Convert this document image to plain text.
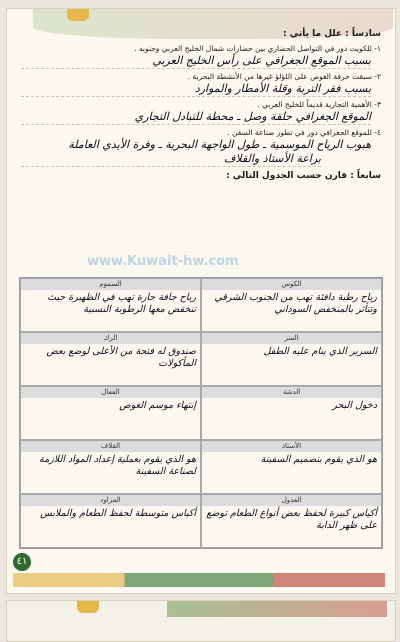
سادساً : علل ما يأتي :
١- للكويت دور في التواصل الحضاري بين حضارات شمال الخليج العربي وجنوبه .
بسبب الموقع الجغرافي على رأس الخليج العربي
٢- سبقت حرفة الغوص على اللؤلؤ غيرها من الأنشطة البحرية .
بسبب فقر التربة وقلة الأمطار والموارد
٣- الأهمية التجارية قديماً للخليج العربي .
الموقع الجغرافي حلقة وصل ـ محطة للتبادل التجاري
٤- للموقع الجغرافي دور في تطور صناعة السفن .
هبوب الرياح الموسمية ـ طول الواجهة البحرية ـ وفرة الأيدي العاملة
براعة الأستاذ والقلاف
سابعاً : قارن حسب الجدول التالي :
الكوس
رياح رطبة دافئة تهب من الجنوب الشرقي وتتأثر بالمنخفض السوداني
السموم
رياح جافة حارة تهب في الظهيرة حيث تنخفض معها الرطوبة النسبية
المنز
السرير الذي ينام عليه الطفل
الرك
صندوق له فتحة من الأعلى لوضع بعض المأكولات
الدشة
دخول البحر
القفال
إنتهاء موسم الغوص
الأستاذ
هو الذي يقوم بتصميم السفينة
القلاف
هو الذي يقوم بعملية إعداد المواد اللازمة لصناعة السفينة
العدول
أكياس كبيرة لحفظ بعض أنواع الطعام توضع على ظهر الدابة
المزاود
أكياس متوسطة لحفظ الطعام والملابس
www.Kuwait-hw.com
٤١
